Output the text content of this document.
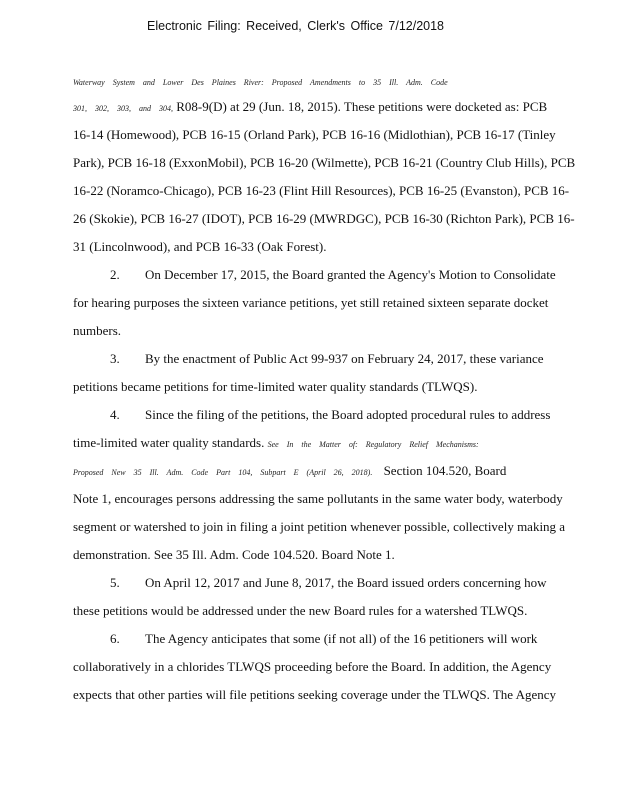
Electronic Filing: Received, Clerk's Office 7/12/2018
Waterway System and Lower Des Plaines River: Proposed Amendments to 35 Ill. Adm. Code
301, 302, 303, and 304, R08-9(D) at 29 (Jun. 18, 2015). These petitions were docketed as: PCB
16-14 (Homewood), PCB 16-15 (Orland Park), PCB 16-16 (Midlothian), PCB 16-17 (Tinley
Park), PCB 16-18 (ExxonMobil), PCB 16-20 (Wilmette), PCB 16-21 (Country Club Hills), PCB
16-22 (Noramco-Chicago), PCB 16-23 (Flint Hill Resources), PCB 16-25 (Evanston), PCB 16-
26 (Skokie), PCB 16-27 (IDOT), PCB 16-29 (MWRDGC), PCB 16-30 (Richton Park), PCB 16-
31 (Lincolnwood), and PCB 16-33 (Oak Forest).
2. On December 17, 2015, the Board granted the Agency's Motion to Consolidate
for hearing purposes the sixteen variance petitions, yet still retained sixteen separate docket
numbers.
3. By the enactment of Public Act 99-937 on February 24, 2017, these variance
petitions became petitions for time-limited water quality standards (TLWQS).
4. Since the filing of the petitions, the Board adopted procedural rules to address
time-limited water quality standards. See In the Matter of: Regulatory Relief Mechanisms:
Proposed New 35 Ill. Adm. Code Part 104, Subpart E (April 26, 2018). Section 104.520, Board
Note 1, encourages persons addressing the same pollutants in the same water body, waterbody
segment or watershed to join in filing a joint petition whenever possible, collectively making a
demonstration. See 35 Ill. Adm. Code 104.520. Board Note 1.
5. On April 12, 2017 and June 8, 2017, the Board issued orders concerning how
these petitions would be addressed under the new Board rules for a watershed TLWQS.
6. The Agency anticipates that some (if not all) of the 16 petitioners will work
collaboratively in a chlorides TLWQS proceeding before the Board. In addition, the Agency
expects that other parties will file petitions seeking coverage under the TLWQS. The Agency
